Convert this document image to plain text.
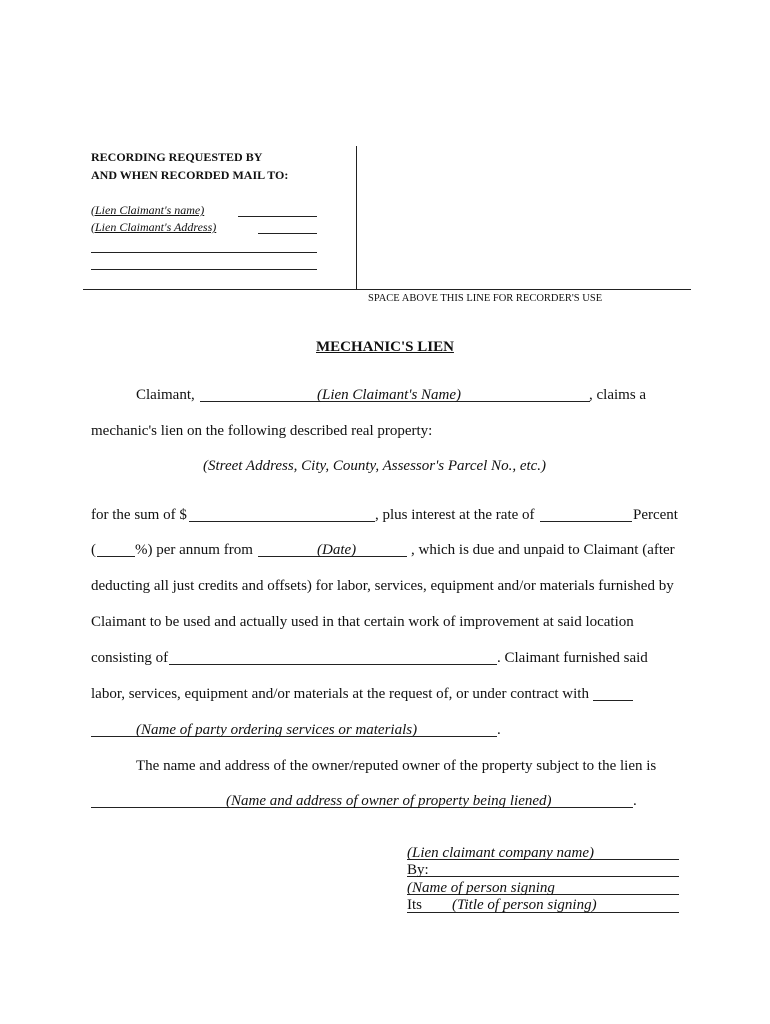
RECORDING REQUESTED BY
AND WHEN RECORDED MAIL TO:
(Lien Claimant's name)
(Lien Claimant's Address)
SPACE ABOVE THIS LINE FOR RECORDER'S USE
MECHANIC'S LIEN
Claimant,	(Lien Claimant's Name)	, claims a
mechanic's lien on the following described real property:
(Street Address, City, County, Assessor's Parcel No., etc.)
for the sum of $	, plus interest at the rate of	Percent
(	%) per annum from	(Date)	, which is due and unpaid to Claimant (after
deducting all just credits and offsets) for labor, services, equipment and/or materials furnished by
Claimant to be used and actually used in that certain work of improvement at said location
consisting of	. Claimant furnished said
labor, services, equipment and/or materials at the request of, or under contract with
(Name of party ordering services or materials)	.
The name and address of the owner/reputed owner of the property subject to the lien is
(Name and address of owner of property being liened)	.
(Lien claimant company name)
By:
(Name of person signing
Its (Title of person signing)
